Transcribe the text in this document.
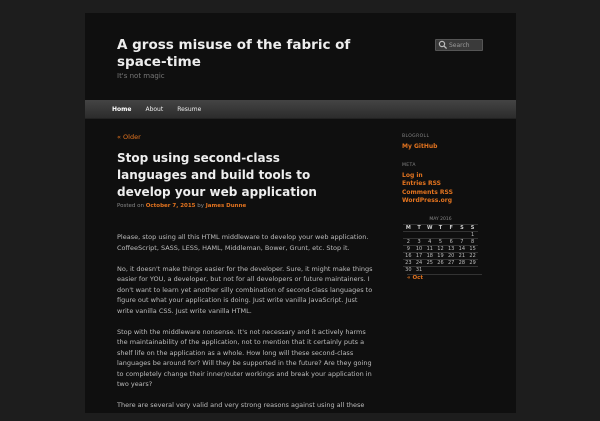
A gross misuse of the fabric of space-time
It's not magic
Search
Home About Resume
« Older
Stop using second-class languages and build tools to develop your web application
Posted on October 7, 2015 by James Dunne

Please, stop using all this HTML middleware to develop your web application. CoffeeScript, SASS, LESS, HAML, Middleman, Bower, Grunt, etc. Stop it.

No, it doesn't make things easier for the developer. Sure, it might make things easier for YOU, a developer, but not for all developers or future maintainers. I don't want to learn yet another silly combination of second-class languages to figure out what your application is doing. Just write vanilla JavaScript. Just write vanilla CSS. Just write vanilla HTML.

Stop with the middleware nonsense. It's not necessary and it actively harms the maintainability of the application, not to mention that it certainly puts a shelf life on the application as a whole. How long will these second-class languages be around for? Will they be supported in the future? Are they going to completely change their inner/outer workings and break your application in two years?

There are several very valid and very strong reasons against using all these

BLOGROLL
My GitHub
META
Log in
Entries RSS
Comments RSS
WordPress.org
MAY 2016
M	T	W	T	F	S	S
						1
2	3	4	5	6	7	8
9	10	11	12	13	14	15
16	17	18	19	20	21	22
23	24	25	26	27	28	29
30	31					
« Oct
